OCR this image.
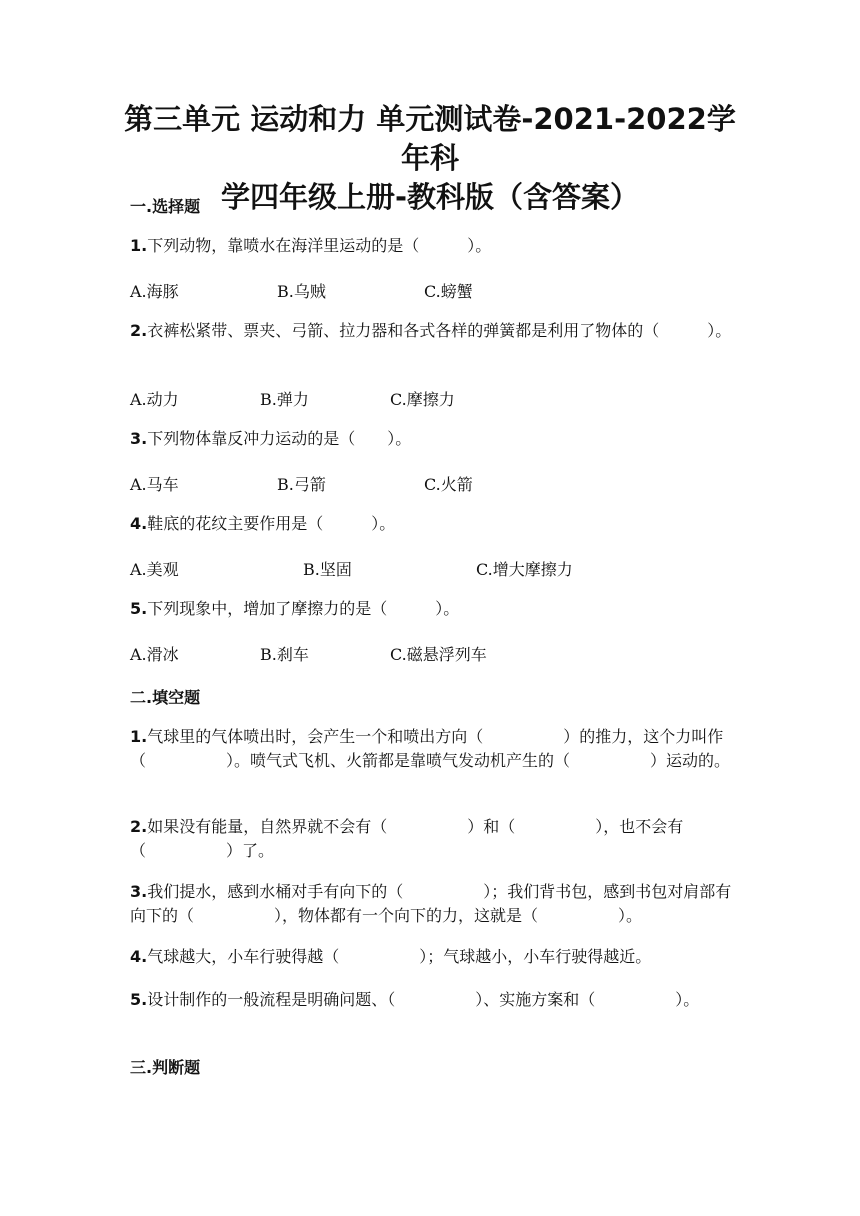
第三单元 运动和力 单元测试卷-2021-2022学年科
学四年级上册-教科版（含答案）
一.选择题
1.下列动物，靠喷水在海洋里运动的是（　　　）。
A.海豚	B.乌贼	C.螃蟹
2.衣裤松紧带、票夹、弓箭、拉力器和各式各样的弹簧都是利用了物体的（　　　）。
A.动力	B.弹力	C.摩擦力
3.下列物体靠反冲力运动的是（　　）。
A.马车	B.弓箭	C.火箭
4.鞋底的花纹主要作用是（　　　）。
A.美观	B.坚固	C.增大摩擦力
5.下列现象中，增加了摩擦力的是（　　　）。
A.滑冰	B.刹车	C.磁悬浮列车
二.填空题
1.气球里的气体喷出时，会产生一个和喷出方向（　　　　　）的推力，这个力叫作（　　　　　）。喷气式飞机、火箭都是靠喷气发动机产生的（　　　　　）运动的。
2.如果没有能量，自然界就不会有（　　　　　）和（　　　　　），也不会有（　　　　　）了。
3.我们提水，感到水桶对手有向下的（　　　　　）；我们背书包，感到书包对肩部有向下的（　　　　　），物体都有一个向下的力，这就是（　　　　　）。
4.气球越大，小车行驶得越（　　　　　）；气球越小，小车行驶得越近。
5.设计制作的一般流程是明确问题、（　　　　　）、实施方案和（　　　　　）。
三.判断题
